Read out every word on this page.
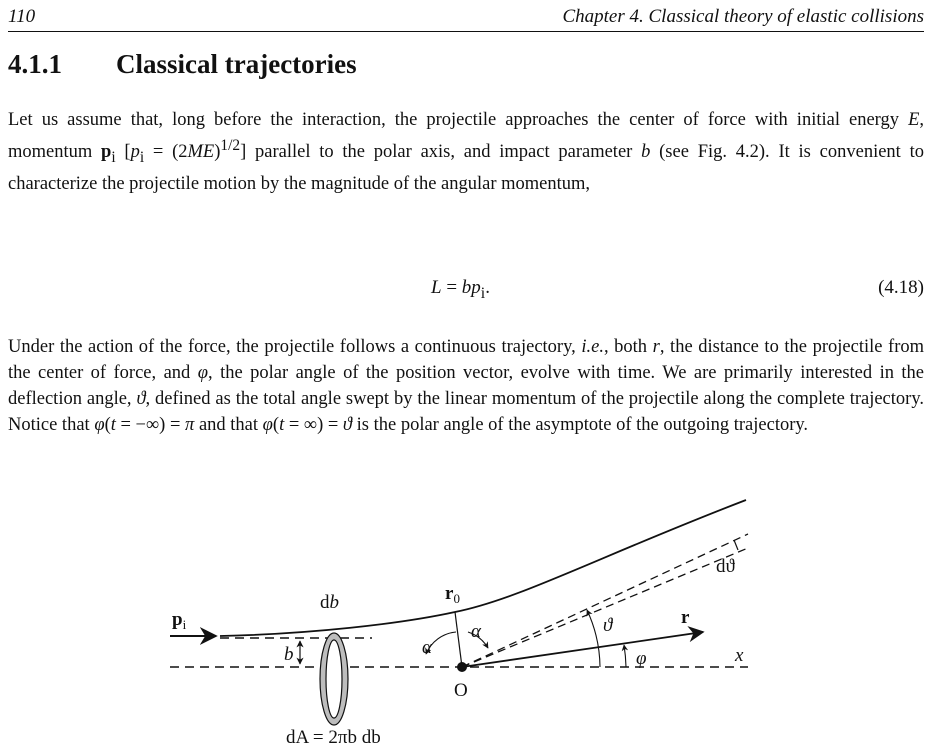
110	Chapter 4. Classical theory of elastic collisions
4.1.1 Classical trajectories

Let us assume that, long before the interaction, the projectile approaches the center of force with initial energy E, momentum $p_i$ $[p_i = (2ME)^{1/2}]$ parallel to the polar axis, and impact parameter b (see Fig. 4.2). It is convenient to characterize the projectile motion by the magnitude of the angular momentum,

$L = bp_i$.	(4.18)

Under the action of the force, the projectile follows a continuous trajectory, i.e., both r, the distance to the projectile from the center of force, and φ, the polar angle of the position vector, evolve with time. We are primarily interested in the deflection angle, ϑ, defined as the total angle swept by the linear momentum of the projectile along the complete trajectory. Notice that φ(t = −∞) = π and that φ(t = ∞) = ϑ is the polar angle of the asymptote of the outgoing trajectory.

$p_i$
db
b
$r_0$
α
α
O
ϑ	r
φ	x
dϑ
dA = 2πb db
